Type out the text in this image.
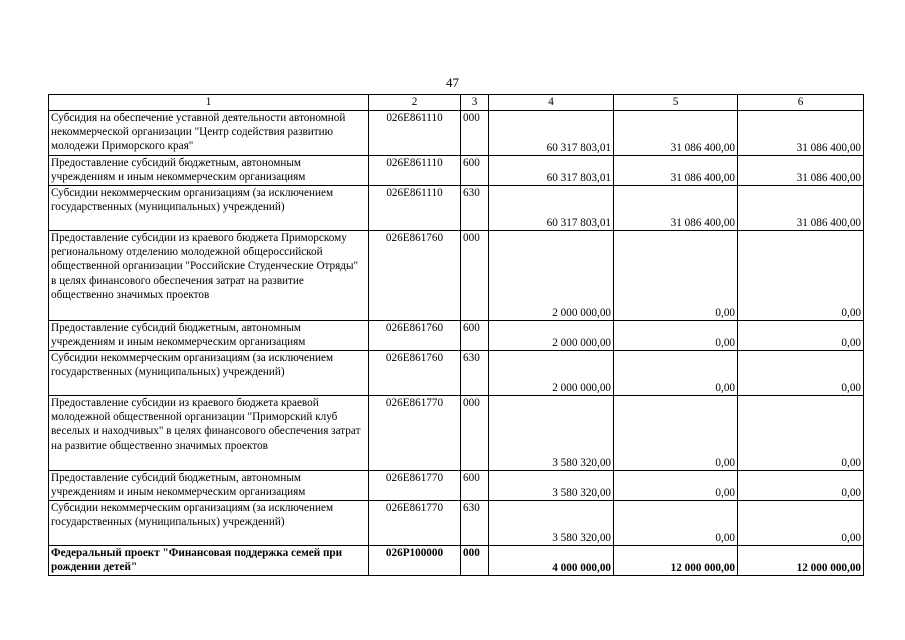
47
1	2	3	4	5	6
Субсидия на обеспечение уставной деятельности автономной некоммерческой организации "Центр содействия развитию молодежи Приморского края"	026E861110	000	60 317 803,01	31 086 400,00	31 086 400,00
Предоставление субсидий бюджетным, автономным учреждениям и иным некоммерческим организациям	026E861110	600	60 317 803,01	31 086 400,00	31 086 400,00
Субсидии некоммерческим организациям (за исключением государственных (муниципальных) учреждений)	026E861110	630	60 317 803,01	31 086 400,00	31 086 400,00
Предоставление субсидии из краевого бюджета Приморскому региональному отделению молодежной общероссийской общественной организации "Российские Студенческие Отряды" в целях финансового обеспечения затрат на развитие общественно значимых проектов	026E861760	000	2 000 000,00	0,00	0,00
Предоставление субсидий бюджетным, автономным учреждениям и иным некоммерческим организациям	026E861760	600	2 000 000,00	0,00	0,00
Субсидии некоммерческим организациям (за исключением государственных (муниципальных) учреждений)	026E861760	630	2 000 000,00	0,00	0,00
Предоставление субсидии из краевого бюджета краевой молодежной общественной организации "Приморский клуб веселых и находчивых" в целях финансового обеспечения затрат на развитие общественно значимых проектов	026E861770	000	3 580 320,00	0,00	0,00
Предоставление субсидий бюджетным, автономным учреждениям и иным некоммерческим организациям	026E861770	600	3 580 320,00	0,00	0,00
Субсидии некоммерческим организациям (за исключением государственных (муниципальных) учреждений)	026E861770	630	3 580 320,00	0,00	0,00
Федеральный проект "Финансовая поддержка семей при рождении детей"	026P100000	000	4 000 000,00	12 000 000,00	12 000 000,00
